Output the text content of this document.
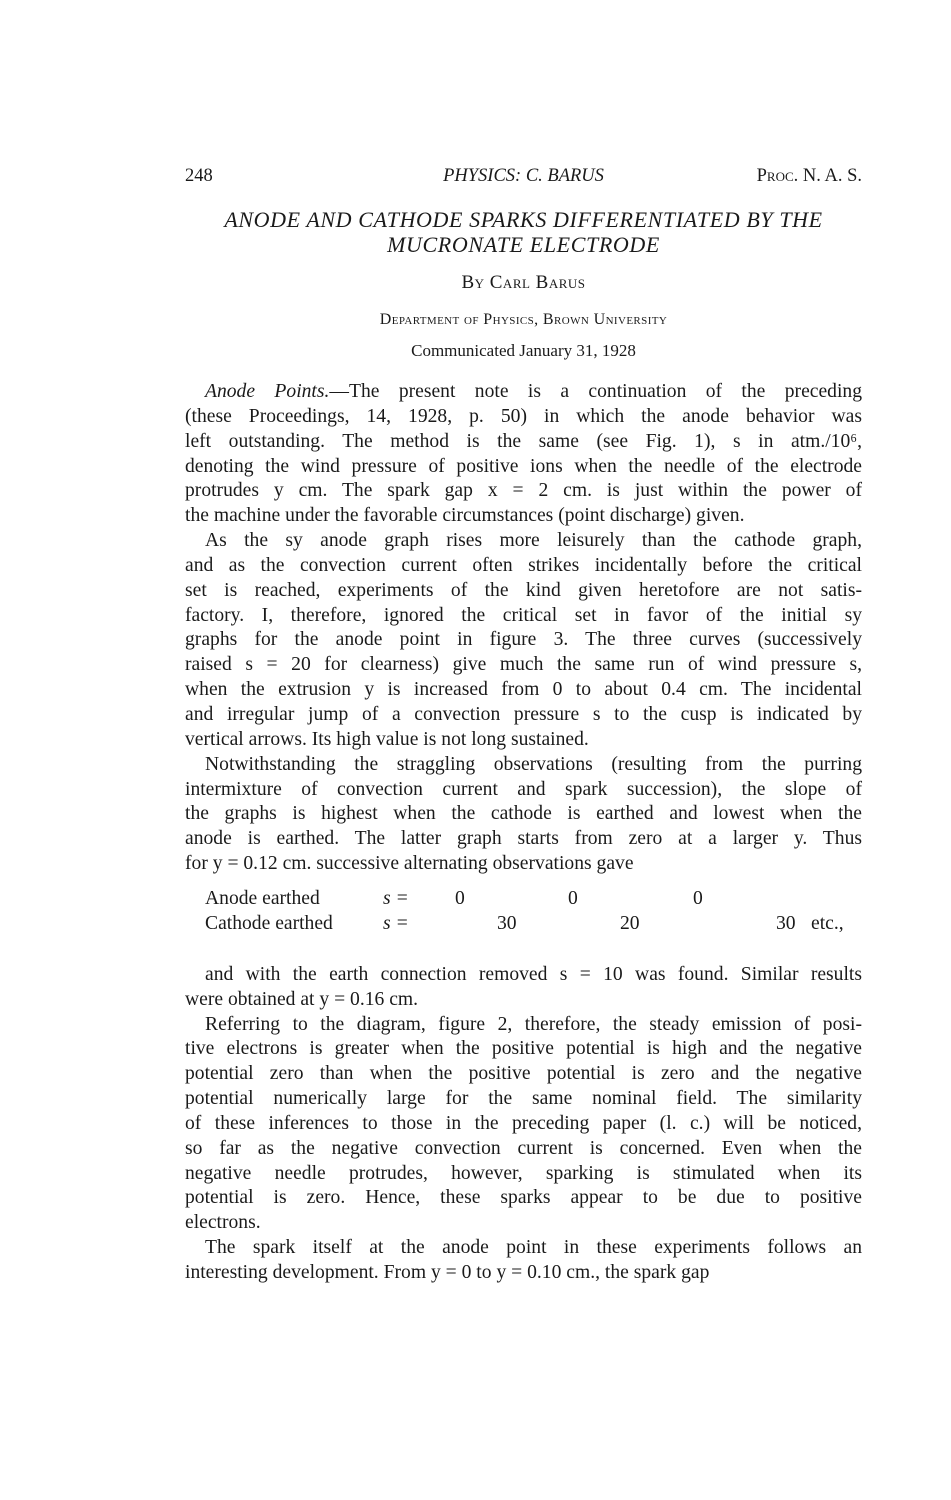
248	PHYSICS: C. BARUS	Proc. N. A. S.
ANODE AND CATHODE SPARKS DIFFERENTIATED BY THE
MUCRONATE ELECTRODE
By Carl Barus
Department of Physics, Brown University
Communicated January 31, 1928
Anode Points.—The present note is a continuation of the preceding
(these Proceedings, 14, 1928, p. 50) in which the anode behavior was
left outstanding. The method is the same (see Fig. 1), s in atm./10⁶,
denoting the wind pressure of positive ions when the needle of the electrode
protrudes y cm. The spark gap x = 2 cm. is just within the power of
the machine under the favorable circumstances (point discharge) given.
As the sy anode graph rises more leisurely than the cathode graph,
and as the convection current often strikes incidentally before the critical
set is reached, experiments of the kind given heretofore are not satis-
factory. I, therefore, ignored the critical set in favor of the initial sy
graphs for the anode point in figure 3. The three curves (successively
raised s = 20 for clearness) give much the same run of wind pressure s,
when the extrusion y is increased from 0 to about 0.4 cm. The incidental
and irregular jump of a convection pressure s to the cusp is indicated by
vertical arrows. Its high value is not long sustained.
Notwithstanding the straggling observations (resulting from the purring
intermixture of convection current and spark succession), the slope of
the graphs is highest when the cathode is earthed and lowest when the
anode is earthed. The latter graph starts from zero at a larger y. Thus
for y = 0.12 cm. successive alternating observations gave
Anode earthed	s = 0	0	0
Cathode earthed	s =	30	20	30 etc.,
and with the earth connection removed s = 10 was found. Similar results
were obtained at y = 0.16 cm.
Referring to the diagram, figure 2, therefore, the steady emission of posi-
tive electrons is greater when the positive potential is high and the negative
potential zero than when the positive potential is zero and the negative
potential numerically large for the same nominal field. The similarity
of these inferences to those in the preceding paper (l. c.) will be noticed,
so far as the negative convection current is concerned. Even when the
negative needle protrudes, however, sparking is stimulated when its
potential is zero. Hence, these sparks appear to be due to positive
electrons.
The spark itself at the anode point in these experiments follows an
interesting development. From y = 0 to y = 0.10 cm., the spark gap
